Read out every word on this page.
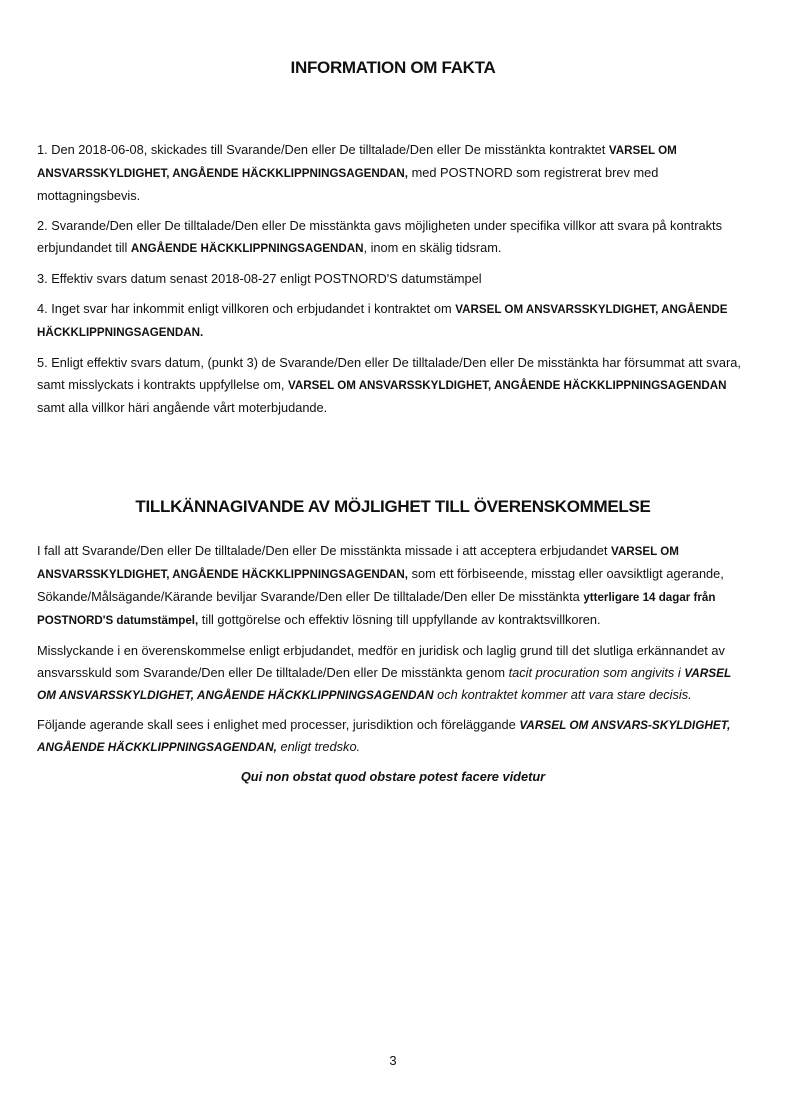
INFORMATION OM FAKTA

1. Den 2018-06-08, skickades till Svarande/Den eller De tilltalade/Den eller De misstänkta kontraktet VARSEL OM ANSVARSSKYLDIGHET, ANGÅENDE HÄCKKLIPPNINGSAGENDAN, med POSTNORD som registrerat brev med mottagningsbevis.

2. Svarande/Den eller De tilltalade/Den eller De misstänkta gavs möjligheten under specifika villkor att svara på kontrakts erbjundandet till ANGÅENDE HÄCKKLIPPNINGSAGENDAN, inom en skälig tidsram.

3. Effektiv svars datum senast 2018-08-27 enligt POSTNORD'S datumstämpel

4. Inget svar har inkommit enligt villkoren och erbjudandet i kontraktet om VARSEL OM ANSVARSSKYLDIGHET, ANGÅENDE HÄCKKLIPPNINGSAGENDAN.

5. Enligt effektiv svars datum, (punkt 3) de Svarande/Den eller De tilltalade/Den eller De misstänkta har försummat att svara, samt misslyckats i kontrakts uppfyllelse om, VARSEL OM ANSVARSSKYLDIGHET, ANGÅENDE HÄCKKLIPPNINGSAGENDAN samt alla villkor häri angående vårt moterbjudande.

TILLKÄNNAGIVANDE AV MÖJLIGHET TILL ÖVERENSKOMMELSE

I fall att Svarande/Den eller De tilltalade/Den eller De misstänkta missade i att acceptera erbjudandet VARSEL OM ANSVARSSKYLDIGHET, ANGÅENDE HÄCKKLIPPNINGSAGENDAN, som ett förbiseende, misstag eller oavsiktligt agerande, Sökande/Målsägande/Kärande beviljar Svarande/Den eller De tilltalade/Den eller De misstänkta ytterligare 14 dagar från POSTNORD'S datumstämpel, till gottgörelse och effektiv lösning till uppfyllande av kontraktsvillkoren.

Misslyckande i en överenskommelse enligt erbjudandet, medför en juridisk och laglig grund till det slutliga erkännandet av ansvarsskuld som Svarande/Den eller De tilltalade/Den eller De misstänkta genom tacit procuration som angivits i VARSEL OM ANSVARSSKYLDIGHET, ANGÅENDE HÄCKKLIPPNINGSAGENDAN och kontraktet kommer att vara stare decisis.

Följande agerande skall sees i enlighet med processer, jurisdiktion och föreläggande VARSEL OM ANSVARS-SKYLDIGHET, ANGÅENDE HÄCKKLIPPNINGSAGENDAN, enligt tredsko.

Qui non obstat quod obstare potest facere videtur

3
